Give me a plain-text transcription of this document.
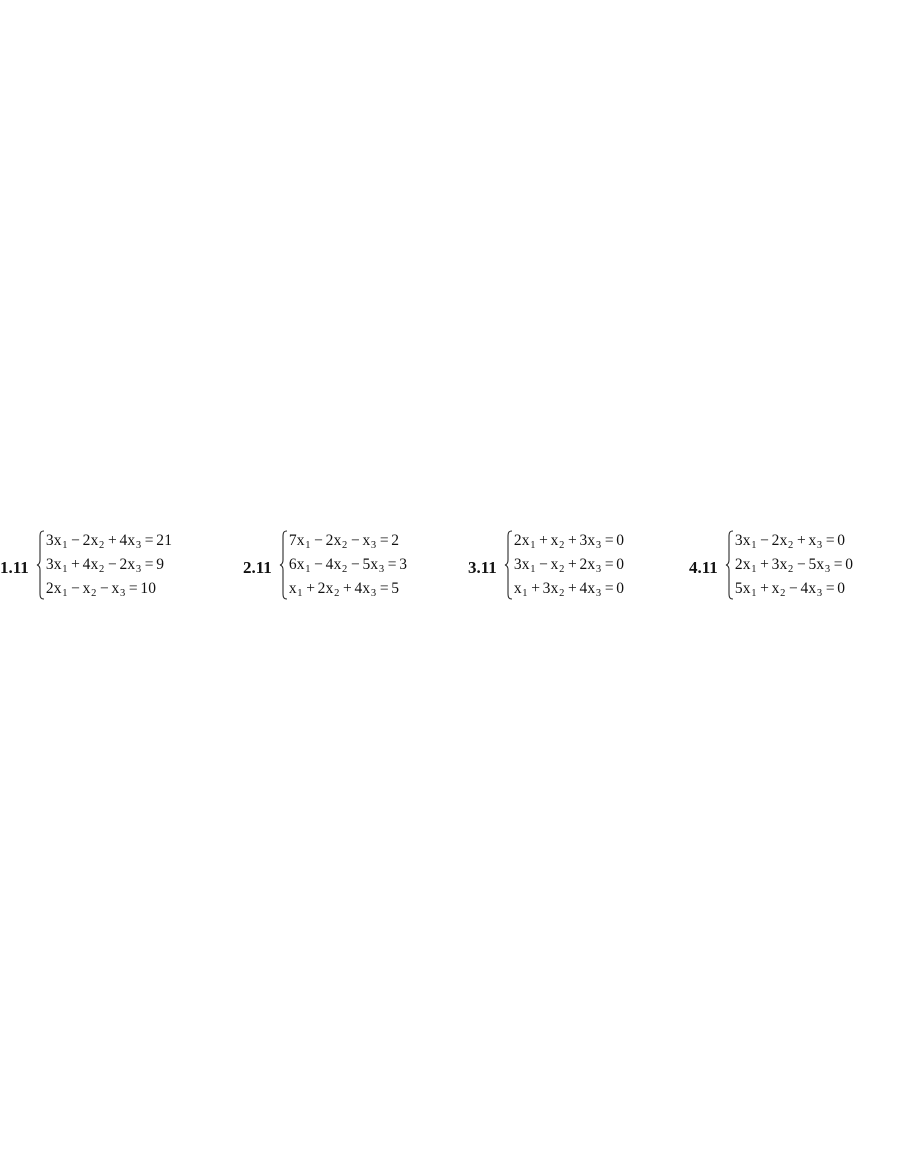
1.11
$3x_1 - 2x_2 + 4x_3 = 21$
$3x_1 + 4x_2 - 2x_3 = 9$
$2x_1 - x_2 - x_3 = 10$
2.11
$7x_1 - 2x_2 - x_3 = 2$
$6x_1 - 4x_2 - 5x_3 = 3$
$x_1 + 2x_2 + 4x_3 = 5$
3.11
$2x_1 + x_2 + 3x_3 = 0$
$3x_1 - x_2 + 2x_3 = 0$
$x_1 + 3x_2 + 4x_3 = 0$
4.11
$3x_1 - 2x_2 + x_3 = 0$
$2x_1 + 3x_2 - 5x_3 = 0$
$5x_1 + x_2 - 4x_3 = 0$
